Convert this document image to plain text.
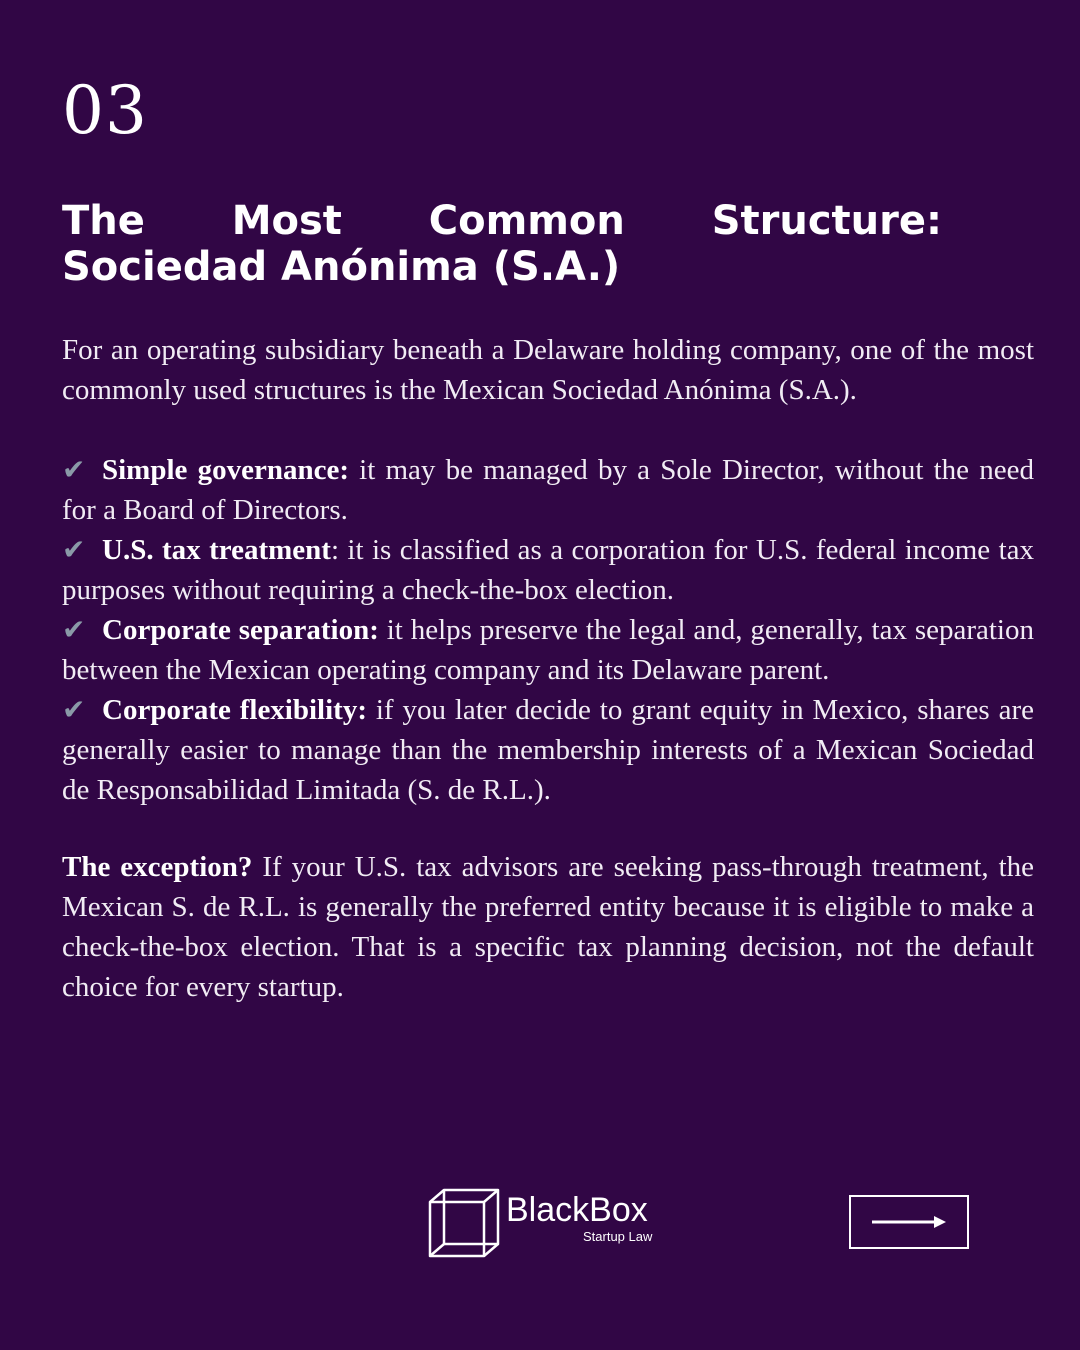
03
The Most Common Structure:
Sociedad Anónima (S.A.)

For an operating subsidiary beneath a Delaware holding company, one of the most commonly used structures is the Mexican Sociedad Anónima (S.A.).

✔ Simple governance: it may be managed by a Sole Director, without the need for a Board of Directors.
✔ U.S. tax treatment: it is classified as a corporation for U.S. federal income tax purposes without requiring a check-the-box election.
✔ Corporate separation: it helps preserve the legal and, generally, tax separation between the Mexican operating company and its Delaware parent.
✔ Corporate flexibility: if you later decide to grant equity in Mexico, shares are generally easier to manage than the membership interests of a Mexican Sociedad de Responsabilidad Limitada (S. de R.L.).

The exception? If your U.S. tax advisors are seeking pass-through treatment, the Mexican S. de R.L. is generally the preferred entity because it is eligible to make a check-the-box election. That is a specific tax planning decision, not the default choice for every startup.

BlackBox
Startup Law
